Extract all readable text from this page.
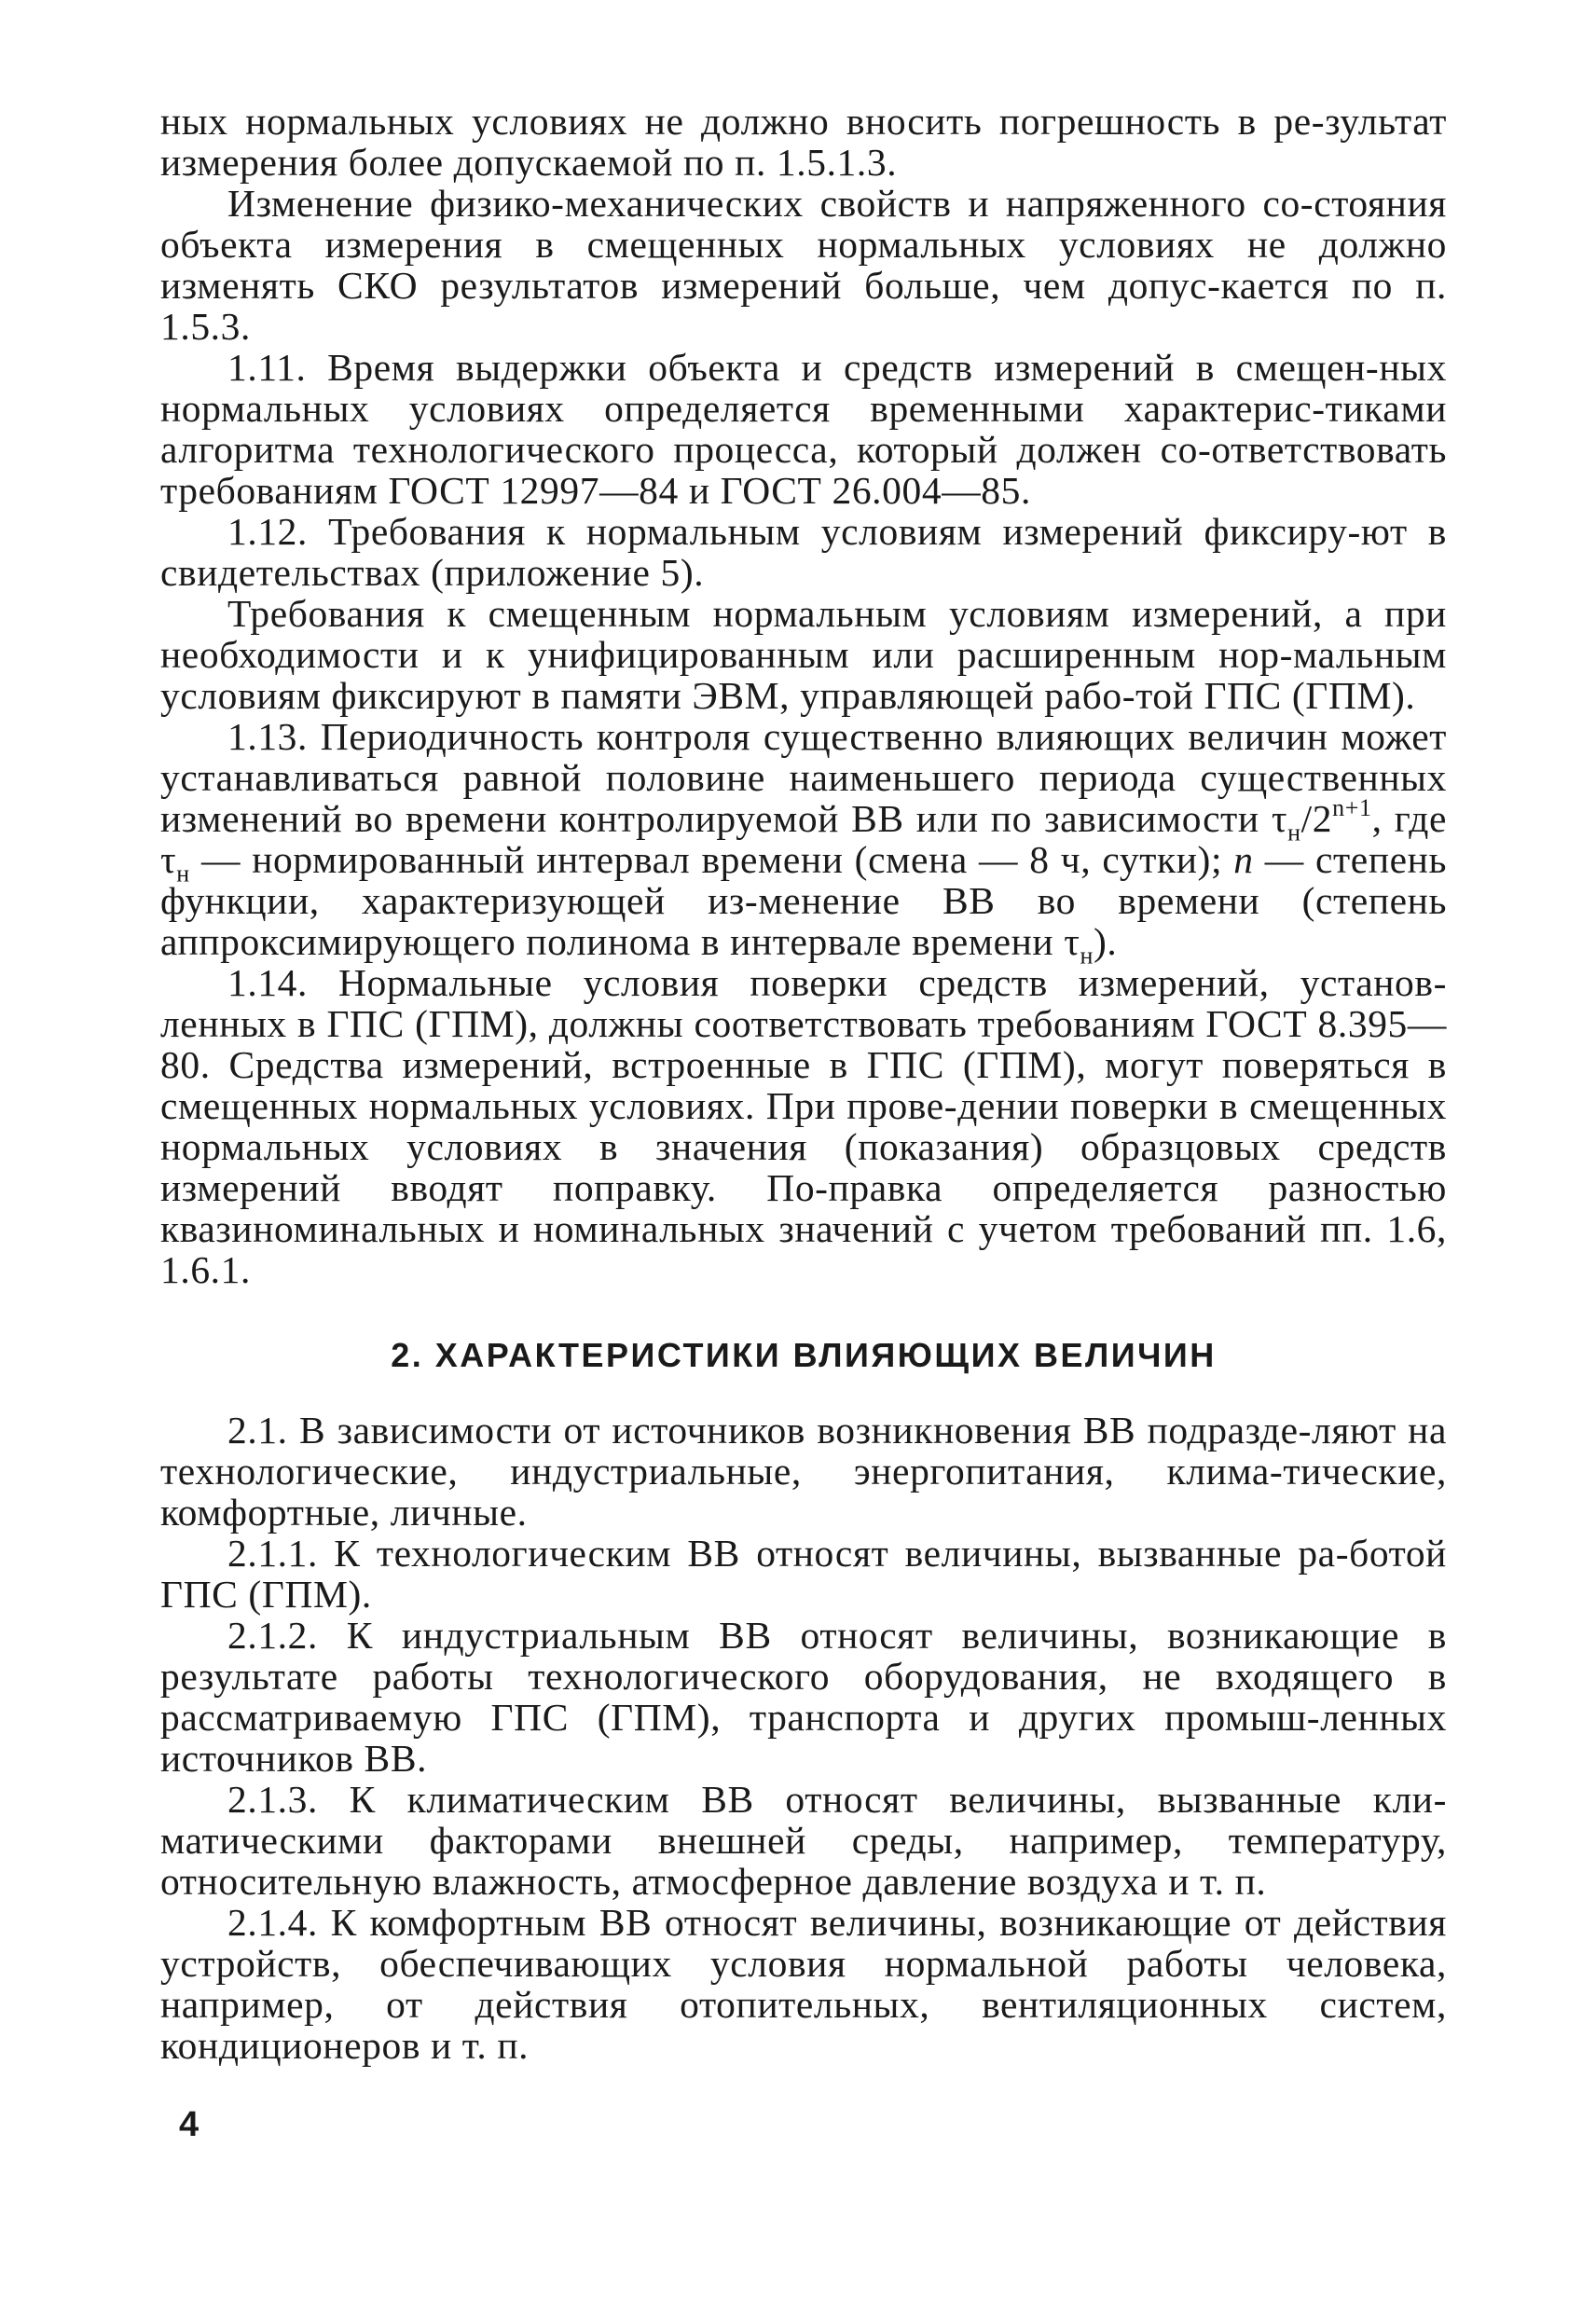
ных нормальных условиях не должно вносить погрешность в ре-зультат измерения более допускаемой по п. 1.5.1.3.

Изменение физико-механических свойств и напряженного со-стояния объекта измерения в смещенных нормальных условиях не должно изменять СКО результатов измерений больше, чем допус-кается по п. 1.5.3.

1.11. Время выдержки объекта и средств измерений в смещен-ных нормальных условиях определяется временными характерис-тиками алгоритма технологического процесса, который должен со-ответствовать требованиям ГОСТ 12997—84 и ГОСТ 26.004—85.

1.12. Требования к нормальным условиям измерений фиксиру-ют в свидетельствах (приложение 5).

Требования к смещенным нормальным условиям измерений, а при необходимости и к унифицированным или расширенным нор-мальным условиям фиксируют в памяти ЭВМ, управляющей рабо-той ГПС (ГПМ).

1.13. Периодичность контроля существенно влияющих величин может устанавливаться равной половине наименьшего периода существенных изменений во времени контролируемой ВВ или по зависимости $\tau_н/2^{n+1}$, где $\tau_н$ — нормированный интервал времени (смена — 8 ч, сутки); n — степень функции, характеризующей из-менение ВВ во времени (степень аппроксимирующего полинома в интервале времени $\tau_н$).

1.14. Нормальные условия поверки средств измерений, установ-ленных в ГПС (ГПМ), должны соответствовать требованиям ГОСТ 8.395—80. Средства измерений, встроенные в ГПС (ГПМ), могут поверяться в смещенных нормальных условиях. При прове-дении поверки в смещенных нормальных условиях в значения (показания) образцовых средств измерений вводят поправку. По-правка определяется разностью квазиноминальных и номинальных значений с учетом требований пп. 1.6, 1.6.1.

2. ХАРАКТЕРИСТИКИ ВЛИЯЮЩИХ ВЕЛИЧИН

2.1. В зависимости от источников возникновения ВВ подразде-ляют на технологические, индустриальные, энергопитания, клима-тические, комфортные, личные.

2.1.1. К технологическим ВВ относят величины, вызванные ра-ботой ГПС (ГПМ).

2.1.2. К индустриальным ВВ относят величины, возникающие в результате работы технологического оборудования, не входящего в рассматриваемую ГПС (ГПМ), транспорта и других промыш-ленных источников ВВ.

2.1.3. К климатическим ВВ относят величины, вызванные кли-матическими факторами внешней среды, например, температуру, относительную влажность, атмосферное давление воздуха и т. п.

2.1.4. К комфортным ВВ относят величины, возникающие от действия устройств, обеспечивающих условия нормальной работы человека, например, от действия отопительных, вентиляционных систем, кондиционеров и т. п.

4
